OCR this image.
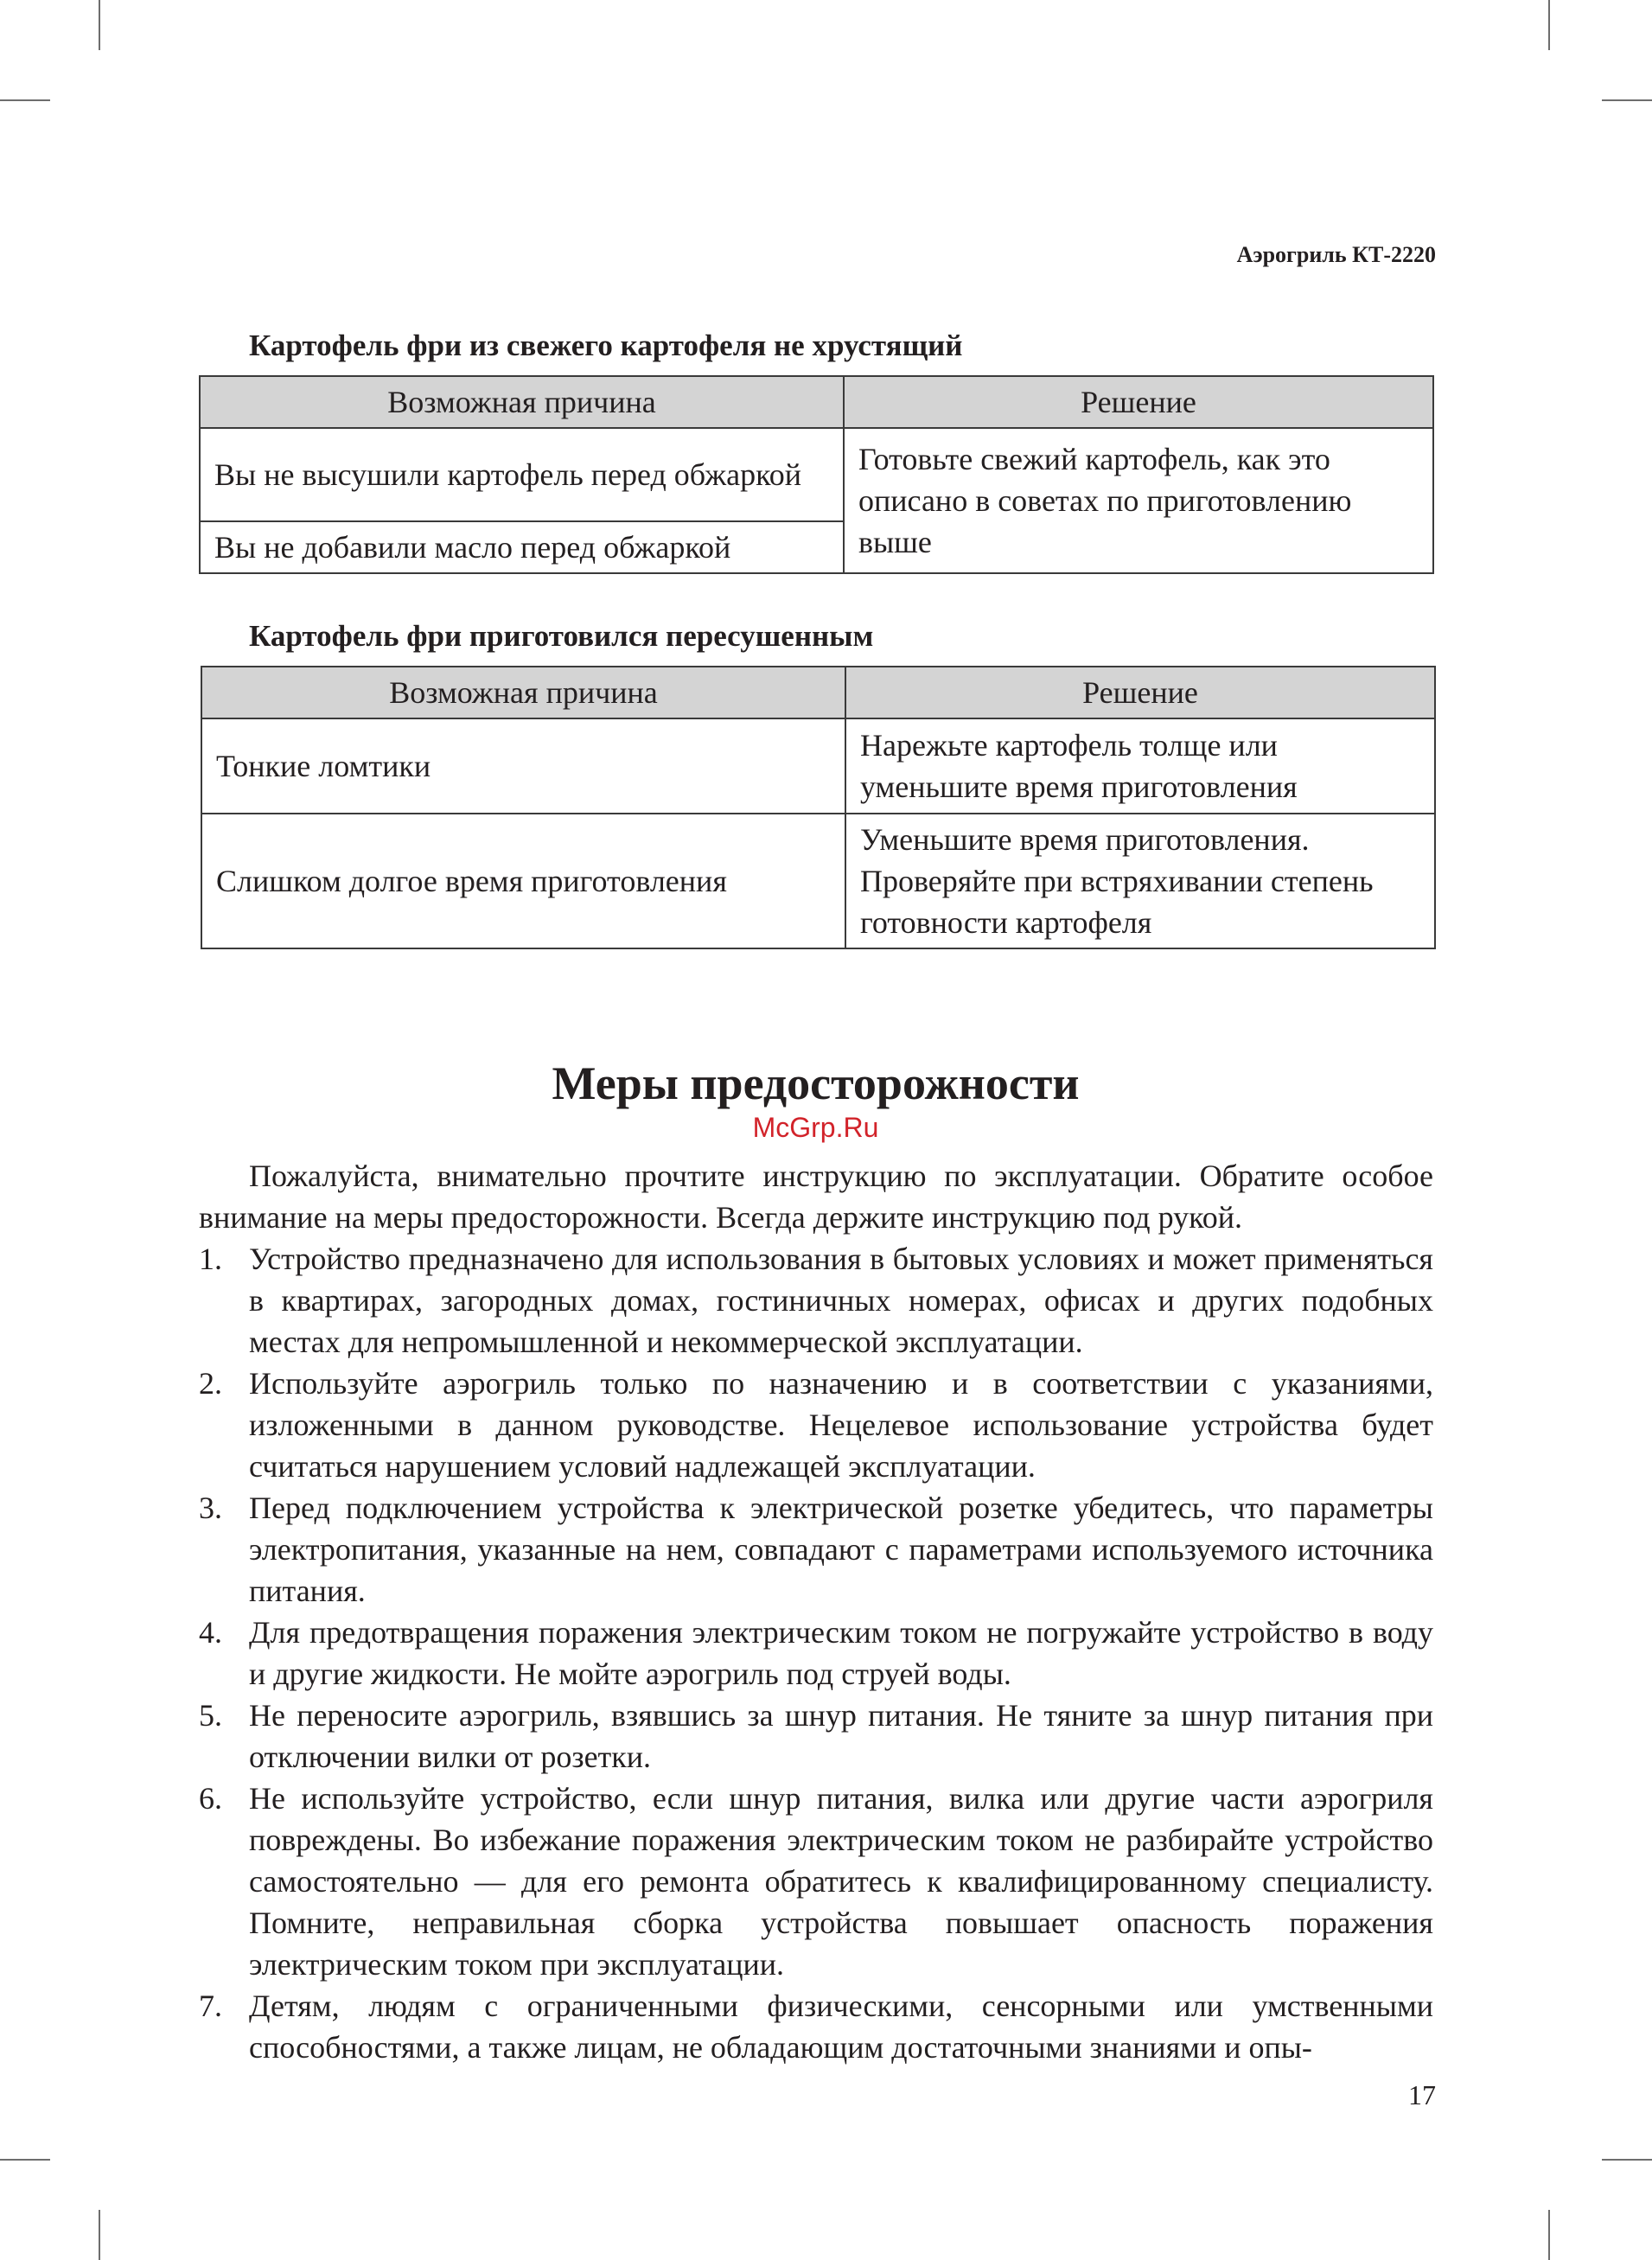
Аэрогриль КТ-2220

Картофель фри из свежего картофеля не хрустящий

Возможная причина	Решение
Вы не высушили картофель перед обжаркой	Готовьте свежий картофель, как это описано в советах по приготовлению выше
Вы не добавили масло перед обжаркой	

Картофель фри приготовился пересушенным

Возможная причина	Решение
Тонкие ломтики	Нарежьте картофель толще или уменьшите время приготовления
Слишком долгое время приготовления	Уменьшите время приготовления. Проверяйте при встряхивании степень готовности картофеля
Меры предосторожности
McGrp.Ru

Пожалуйста, внимательно прочтите инструкцию по эксплуатации. Обратите особое внимание на меры предосторожности. Всегда держите инструкцию под рукой.

1. Устройство предназначено для использования в бытовых условиях и может применяться в квартирах, загородных домах, гостиничных номерах, офисах и других подобных местах для непромышленной и некоммерческой эксплуатации.
2. Используйте аэрогриль только по назначению и в соответствии с указаниями, изложенными в данном руководстве. Нецелевое использование устройства будет считаться нарушением условий надлежащей эксплуатации.
3. Перед подключением устройства к электрической розетке убедитесь, что параметры электропитания, указанные на нем, совпадают с параметрами используемого источника питания.
4. Для предотвращения поражения электрическим током не погружайте устройство в воду и другие жидкости. Не мойте аэрогриль под струей воды.
5. Не переносите аэрогриль, взявшись за шнур питания. Не тяните за шнур питания при отключении вилки от розетки.
6. Не используйте устройство, если шнур питания, вилка или другие части аэрогриля повреждены. Во избежание поражения электрическим током не разбирайте устройство самостоятельно — для его ремонта обратитесь к квалифицированному специалисту. Помните, неправильная сборка устройства повышает опасность поражения электрическим током при эксплуатации.
7. Детям, людям с ограниченными физическими, сенсорными или умственными способностями, а также лицам, не обладающим достаточными знаниями и опы-

17
